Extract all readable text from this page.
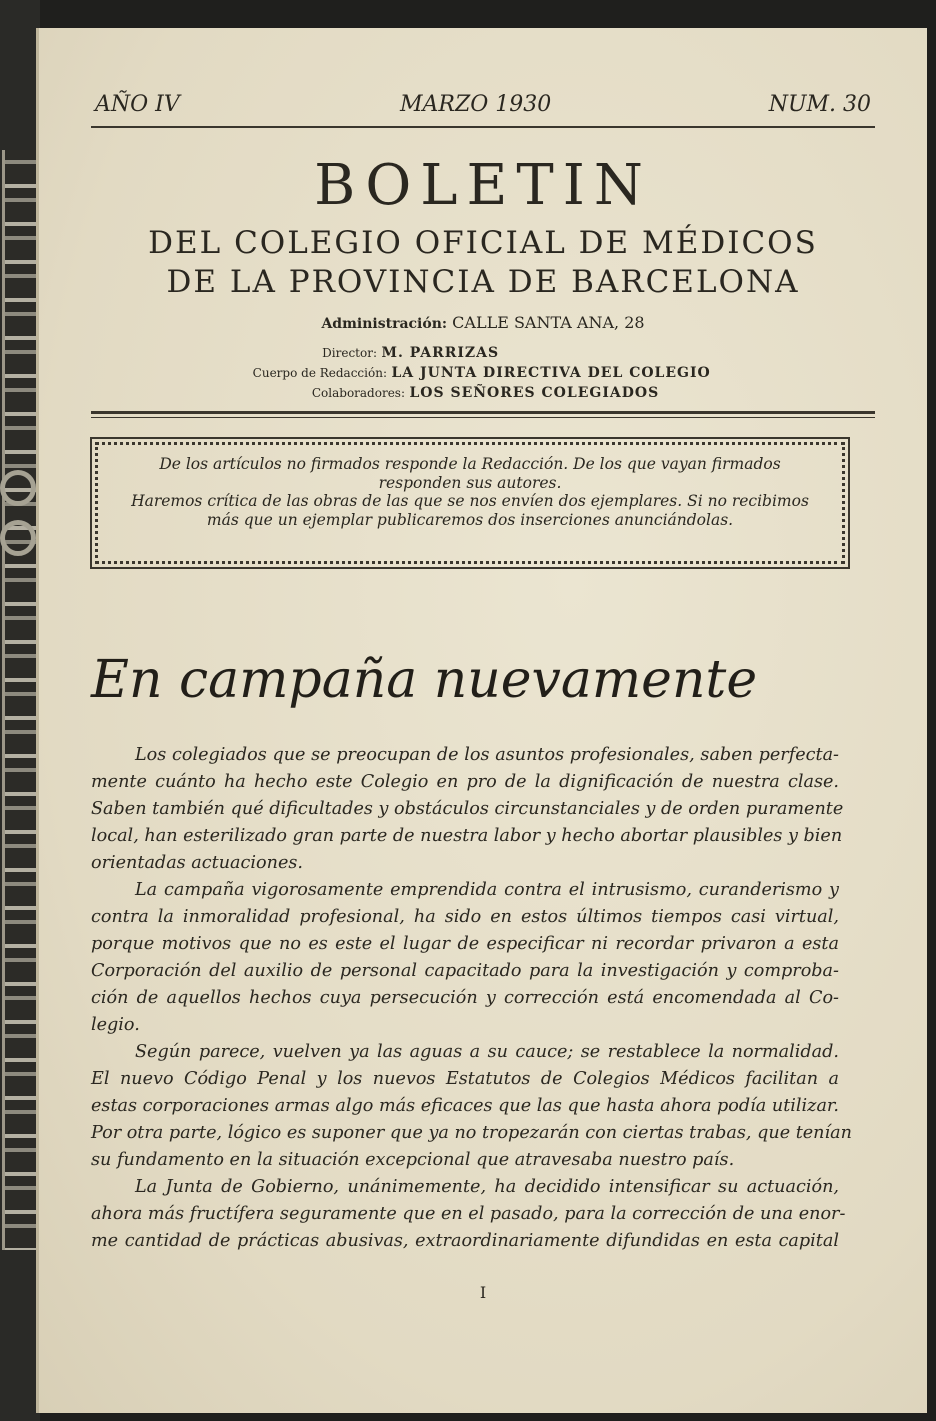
AÑO IV	MARZO 1930	NUM. 30
BOLETIN
DEL COLEGIO OFICIAL DE MÉDICOS
DE LA PROVINCIA DE BARCELONA
Administración: CALLE SANTA ANA, 28
Director: M. PARRIZAS
Cuerpo de Redacción: LA JUNTA DIRECTIVA DEL COLEGIO
Colaboradores: LOS SEÑORES COLEGIADOS
De los artículos no firmados responde la Redacción. De los que vayan firmados
responden sus autores.
Haremos crítica de las obras de las que se nos envíen dos ejemplares. Si no recibimos
más que un ejemplar publicaremos dos inserciones anunciándolas.
En campaña nuevamente

Los colegiados que se preocupan de los asuntos profesionales, saben perfecta-
mente cuánto ha hecho este Colegio en pro de la dignificación de nuestra clase.
Saben también qué dificultades y obstáculos circunstanciales y de orden puramente
local, han esterilizado gran parte de nuestra labor y hecho abortar plausibles y bien
orientadas actuaciones.

La campaña vigorosamente emprendida contra el intrusismo, curanderismo y
contra la inmoralidad profesional, ha sido en estos últimos tiempos casi virtual,
porque motivos que no es este el lugar de especificar ni recordar privaron a esta
Corporación del auxilio de personal capacitado para la investigación y comproba-
ción de aquellos hechos cuya persecución y corrección está encomendada al Co-
legio.

Según parece, vuelven ya las aguas a su cauce; se restablece la normalidad.
El nuevo Código Penal y los nuevos Estatutos de Colegios Médicos facilitan a
estas corporaciones armas algo más eficaces que las que hasta ahora podía utilizar.
Por otra parte, lógico es suponer que ya no tropezarán con ciertas trabas, que tenían
su fundamento en la situación excepcional que atravesaba nuestro país.

La Junta de Gobierno, unánimemente, ha decidido intensificar su actuación,
ahora más fructífera seguramente que en el pasado, para la corrección de una enor-
me cantidad de prácticas abusivas, extraordinariamente difundidas en esta capital

I
